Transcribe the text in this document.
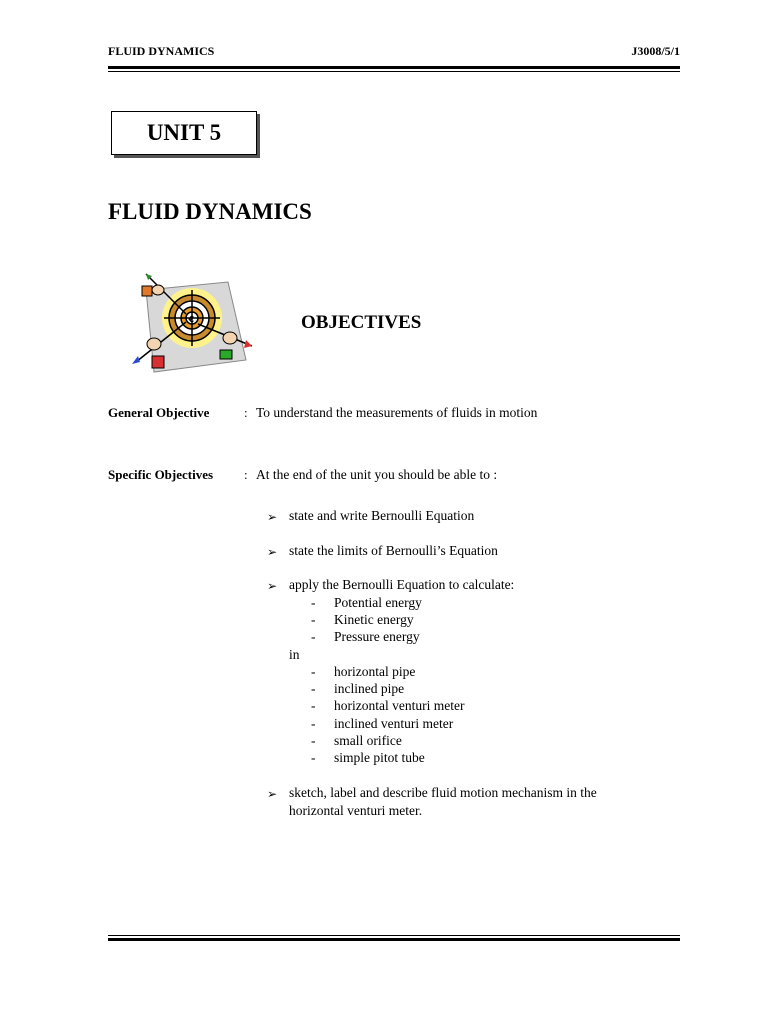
FLUID DYNAMICS	J3008/5/1
UNIT 5
FLUID DYNAMICS
€	OBJECTIVES
General Objective	: To understand the measurements of fluids in motion
Specific Objectives : At the end of the unit you should be able to :
➢ state and write Bernoulli Equation
➢ state the limits of Bernoulli’s Equation
➢ apply the Bernoulli Equation to calculate:
- Potential energy
- Kinetic energy
- Pressure energy
in
- horizontal pipe
- inclined pipe
- horizontal venturi meter
- inclined venturi meter
- small orifice
- simple pitot tube
➢ sketch, label and describe fluid motion mechanism in the
horizontal venturi meter.
